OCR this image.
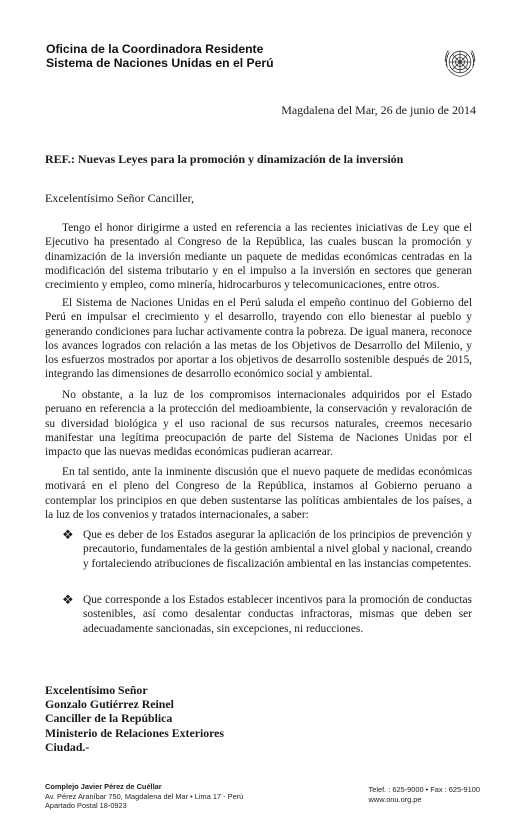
Oficina de la Coordinadora Residente
Sistema de Naciones Unidas en el Perú
Magdalena del Mar, 26 de junio de 2014
REF.: Nuevas Leyes para la promoción y dinamización de la inversión
Excelentísimo Señor Canciller,

Tengo el honor dirigirme a usted en referencia a las recientes iniciativas de Ley que el Ejecutivo ha presentado al Congreso de la República, las cuales buscan la promoción y dinamización de la inversión mediante un paquete de medidas económicas centradas en la modificación del sistema tributario y en el impulso a la inversión en sectores que generan crecimiento y empleo, como minería, hidrocarburos y telecomunicaciones, entre otros.

El Sistema de Naciones Unidas en el Perú saluda el empeño continuo del Gobierno del Perú en impulsar el crecimiento y el desarrollo, trayendo con ello bienestar al pueblo y generando condiciones para luchar activamente contra la pobreza. De igual manera, reconoce los avances logrados con relación a las metas de los Objetivos de Desarrollo del Milenio, y los esfuerzos mostrados por aportar a los objetivos de desarrollo sostenible después de 2015, integrando las dimensiones de desarrollo económico social y ambiental.

No obstante, a la luz de los compromisos internacionales adquiridos por el Estado peruano en referencia a la protección del medioambiente, la conservación y revaloración de su diversidad biológica y el uso racional de sus recursos naturales, creemos necesario manifestar una legítima preocupación de parte del Sistema de Naciones Unidas por el impacto que las nuevas medidas económicas pudieran acarrear.

En tal sentido, ante la inminente discusión que el nuevo paquete de medidas económicas motivará en el pleno del Congreso de la República, instamos al Gobierno peruano a contemplar los principios en que deben sustentarse las políticas ambientales de los países, a la luz de los convenios y tratados internacionales, a saber:

❖ Que es deber de los Estados asegurar la aplicación de los principios de prevención y precautorio, fundamentales de la gestión ambiental a nivel global y nacional, creando y fortaleciendo atribuciones de fiscalización ambiental en las instancias competentes.
❖ Que corresponde a los Estados establecer incentivos para la promoción de conductas sostenibles, así como desalentar conductas infractoras, mismas que deben ser adecuadamente sancionadas, sin excepciones, ni reducciones.
Excelentísimo Señor
Gonzalo Gutiérrez Reinel
Canciller de la República
Ministerio de Relaciones Exteriores
Ciudad.-
Complejo Javier Pérez de Cuéllar
Av. Pérez Araníbar 750, Magdalena del Mar • Lima 17 - Perú
Apartado Postal 18-0923
Telef. : 625-9000 • Fax : 625-9100
www.onu.org.pe
